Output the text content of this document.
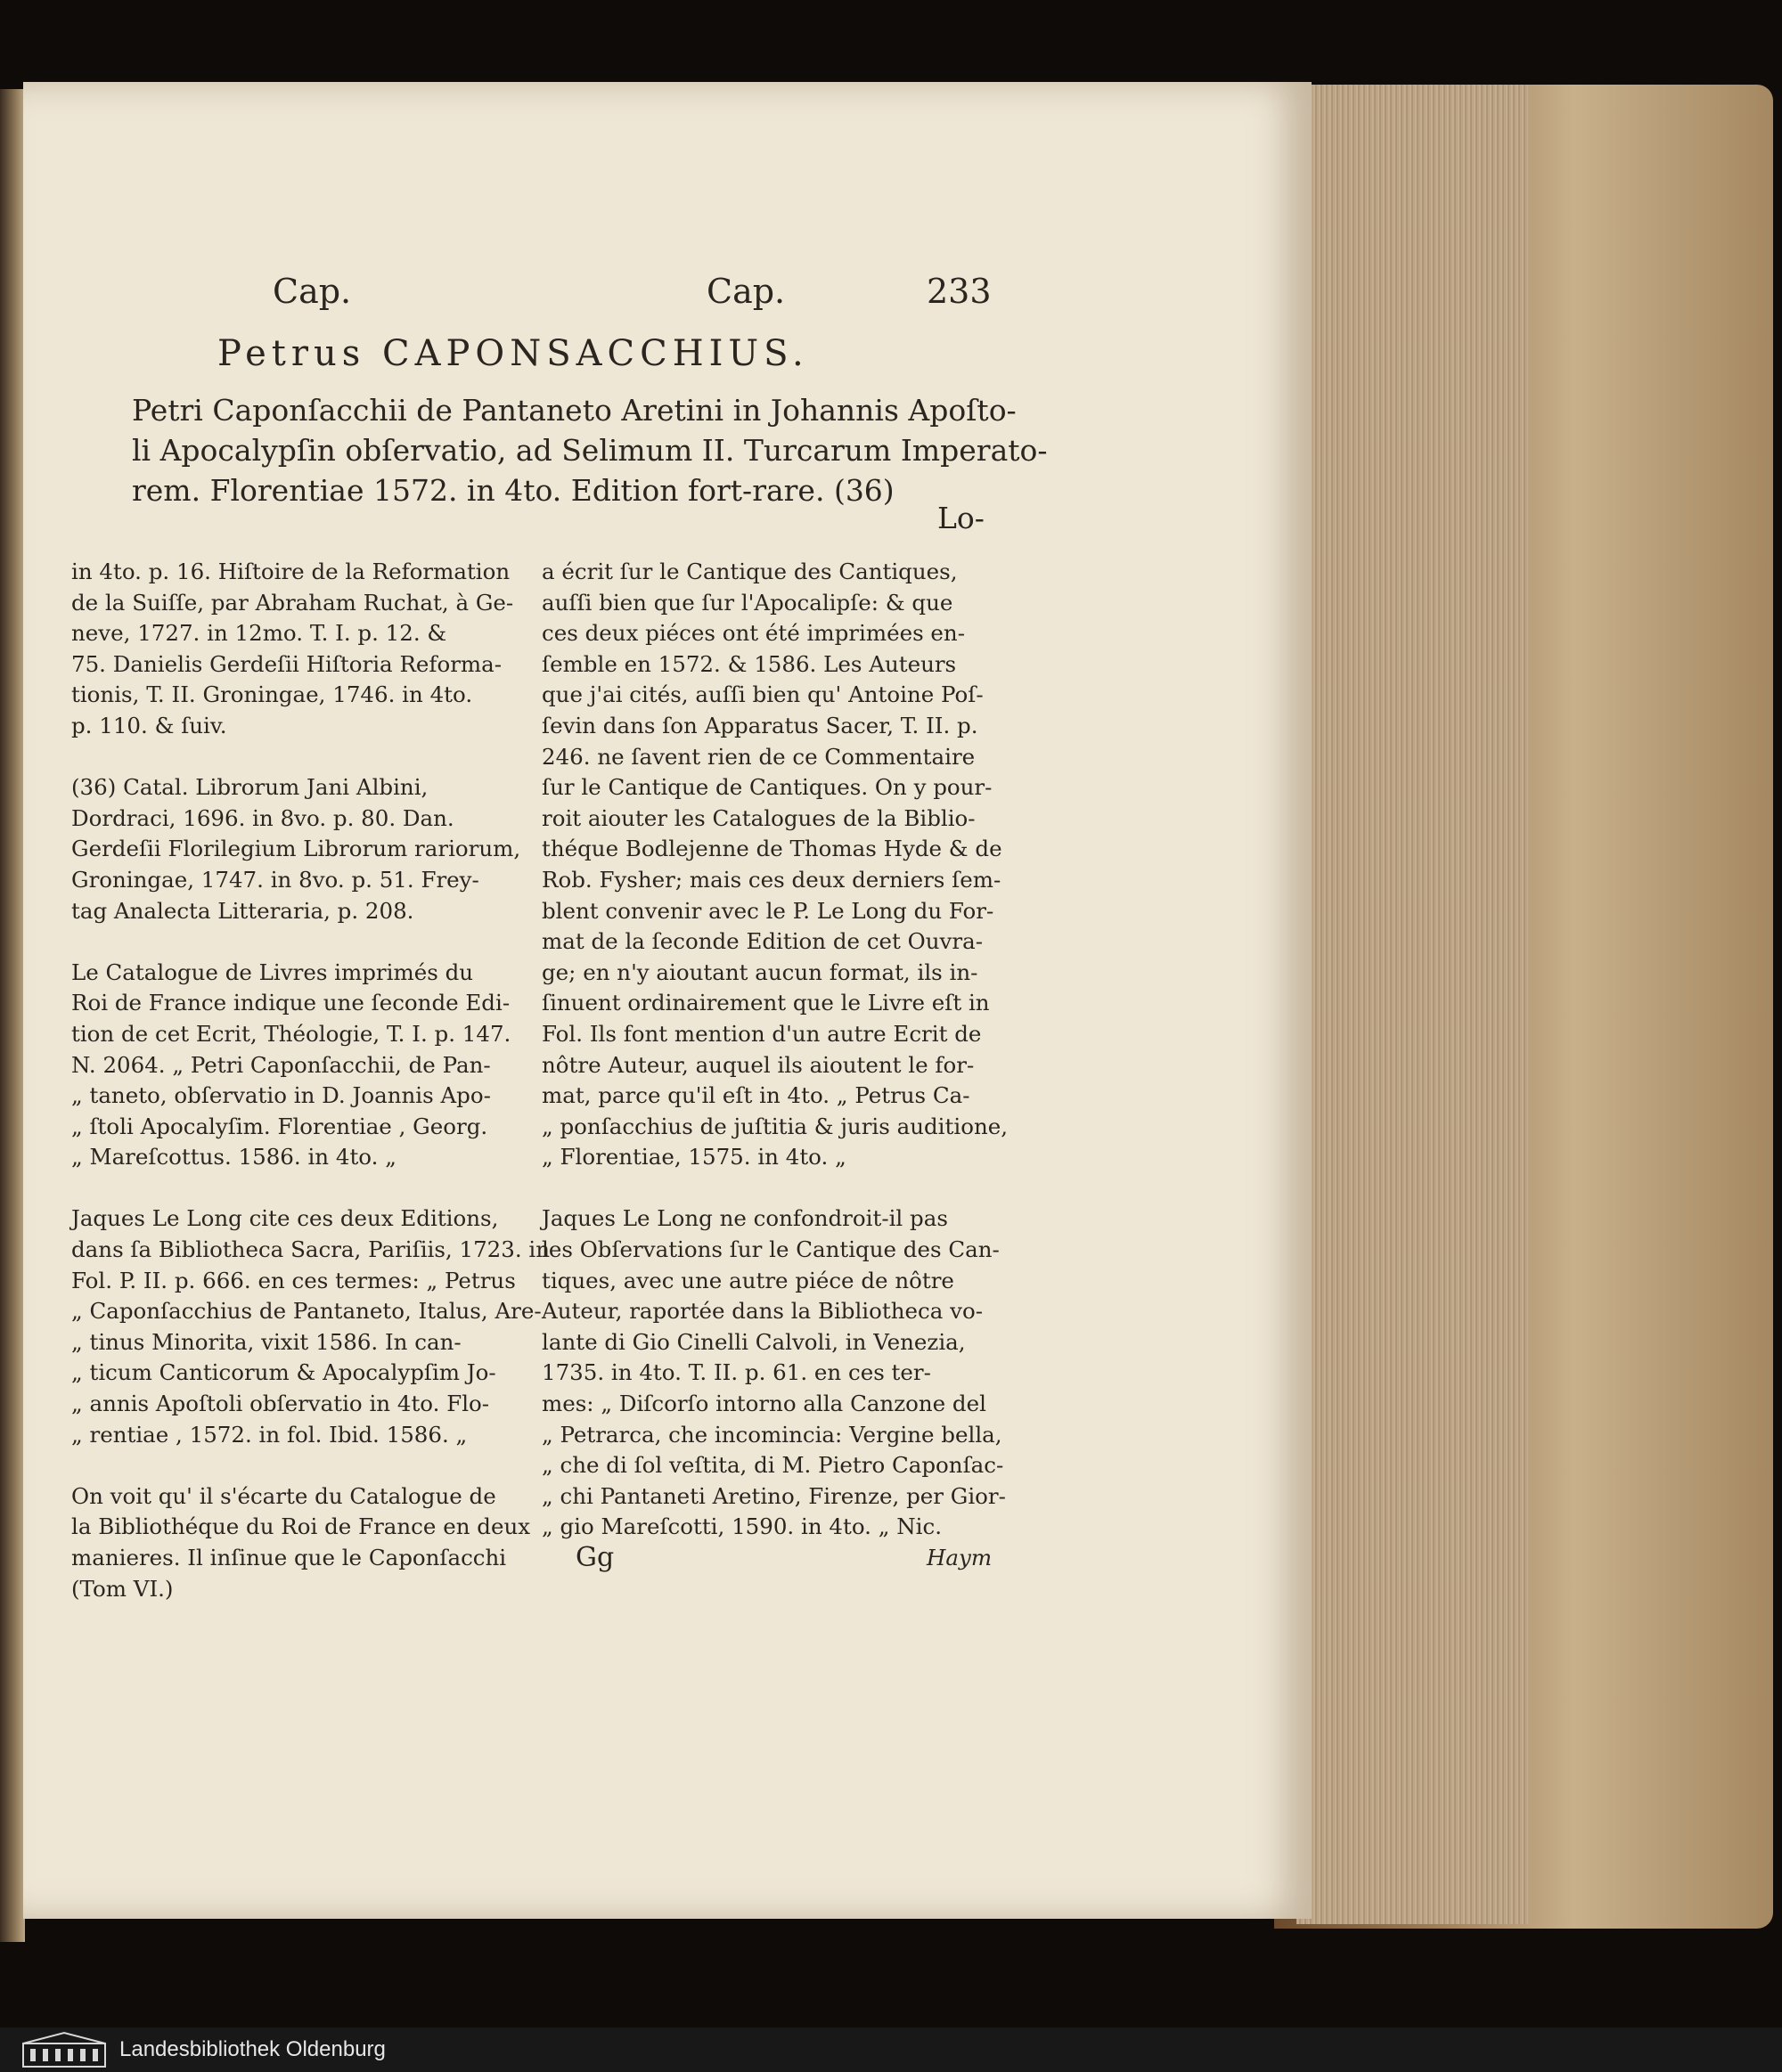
Cap.	Cap.	233
Petrus CAPONSACCHIUS.
Petri Caponſacchii de Pantaneto Aretini in Johannis Apoſto-
li Apocalypſin obſervatio, ad Selimum II. Turcarum Imperato-
rem. Florentiae 1572. in 4to. Edition fort-rare. (36)
Lo-
in 4to. p. 16. Hiſtoire de la Reformation
de la Suiſſe, par Abraham Ruchat, à Ge-
neve, 1727. in 12mo. T. I. p. 12. &
75. Danielis Gerdeſii Hiſtoria Reforma-
tionis, T. II. Groningae, 1746. in 4to.
p. 110. & ſuiv.

(36) Catal. Librorum Jani Albini,
Dordraci, 1696. in 8vo. p. 80. Dan.
Gerdeſii Florilegium Librorum rariorum,
Groningae, 1747. in 8vo. p. 51. Frey-
tag Analecta Litteraria, p. 208.

Le Catalogue de Livres imprimés du
Roi de France indique une ſeconde Edi-
tion de cet Ecrit, Théologie, T. I. p. 147.
N. 2064. „ Petri Caponſacchii, de Pan-
„ taneto, obſervatio in D. Joannis Apo-
„ ſtoli Apocalyſim. Florentiae , Georg.
„ Mareſcottus. 1586. in 4to. „

Jaques Le Long cite ces deux Editions,
dans ſa Bibliotheca Sacra, Pariſiis, 1723. in
Fol. P. II. p. 666. en ces termes: „ Petrus
„ Caponſacchius de Pantaneto, Italus, Are-
„ tinus Minorita, vixit 1586. In can-
„ ticum Canticorum & Apocalypſim Jo-
„ annis Apoſtoli obſervatio in 4to. Flo-
„ rentiae , 1572. in fol. Ibid. 1586. „

On voit qu' il s'écarte du Catalogue de
la Bibliothéque du Roi de France en deux
manieres. Il inſinue que le Caponſacchi
(Tom VI.)
a écrit ſur le Cantique des Cantiques,
auſſi bien que ſur l'Apocalipſe: & que
ces deux piéces ont été imprimées en-
ſemble en 1572. & 1586. Les Auteurs
que j'ai cités, auſſi bien qu' Antoine Poſ-
ſevin dans ſon Apparatus Sacer, T. II. p.
246. ne ſavent rien de ce Commentaire
ſur le Cantique de Cantiques. On y pour-
roit aiouter les Catalogues de la Biblio-
théque Bodlejenne de Thomas Hyde & de
Rob. Fysher; mais ces deux derniers ſem-
blent convenir avec le P. Le Long du For-
mat de la ſeconde Edition de cet Ouvra-
ge; en n'y aioutant aucun format, ils in-
ſinuent ordinairement que le Livre eſt in
Fol. Ils font mention d'un autre Ecrit de
nôtre Auteur, auquel ils aioutent le for-
mat, parce qu'il eſt in 4to. „ Petrus Ca-
„ ponſacchius de juſtitia & juris auditione,
„ Florentiae, 1575. in 4to. „

Jaques Le Long ne confondroit-il pas
les Obſervations ſur le Cantique des Can-
tiques, avec une autre piéce de nôtre
Auteur, raportée dans la Bibliotheca vo-
lante di Gio Cinelli Calvoli, in Venezia,
1735. in 4to. T. II. p. 61. en ces ter-
mes: „ Diſcorſo intorno alla Canzone del
„ Petrarca, che incomincia: Vergine bella,
„ che di ſol veſtita, di M. Pietro Caponſac-
„ chi Pantaneti Aretino, Firenze, per Gior-
„ gio Mareſcotti, 1590. in 4to. „ Nic.
Gg	Haym
Landesbibliothek Oldenburg
